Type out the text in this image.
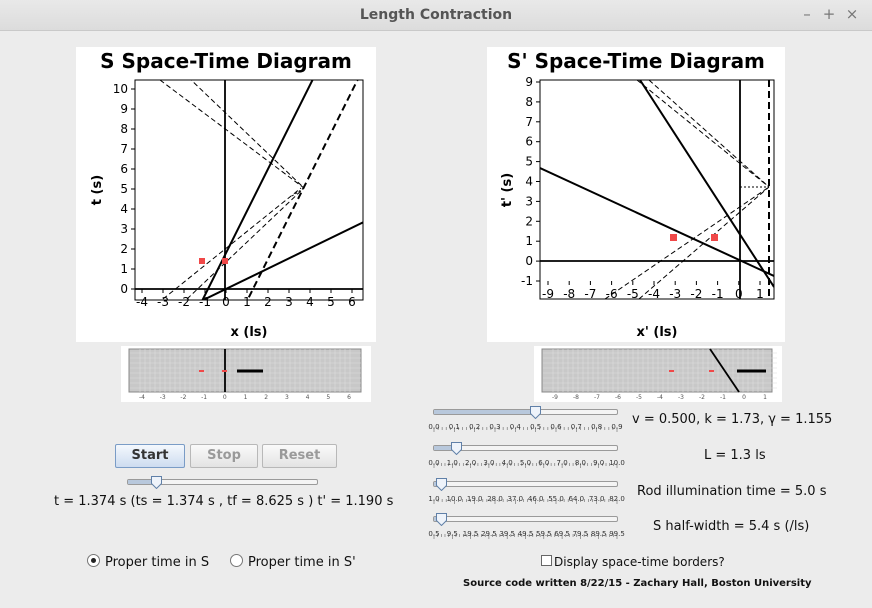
Length Contraction	– + ×
S Space-Time Diagram
-4 -3 -2 -1 0 1 2 3 4 5 6
0
1
2
3
4
5
6
7
8
9
10
x (ls)
t (s)
S' Space-Time Diagram
-9 -8 -7 -6 -5 -4 -3 -2 -1 0 1
-1
0
1
2
3
4
5
6
7
8
9
x' (ls)
t' (s)
-4 -3 -2 -1	0	1	2	3	4	5	6	-9	-8	-7	-6	-5	-4	-3	-2	-1	0	1
0.0 0.1 0.2 0.3 0.4 0.5 0.6 0.7 0.8 0.9
0.0 1.0 2.0 3.0 4.0 5.0 6.0 7.0 8.0 9.0 10.0
1.0 10.0 19.0 28.0 37.0 46.0 55.0 64.0 73.0 82.0
0.5 9.5 19.5 29.5 39.5 49.5 59.5 69.5 79.5 89.5 99.5
v = 0.500, k = 1.73, γ = 1.155
L = 1.3 ls
Rod illumination time = 5.0 s
S half-width = 5.4 s (/ls)
Display space-time borders?
Source code written 8/22/15 - Zachary Hall, Boston University
Start	Stop	Reset
t = 1.374 s (ts = 1.374 s , tf = 8.625 s ) t' = 1.190 s
Proper time in S	Proper time in S'
